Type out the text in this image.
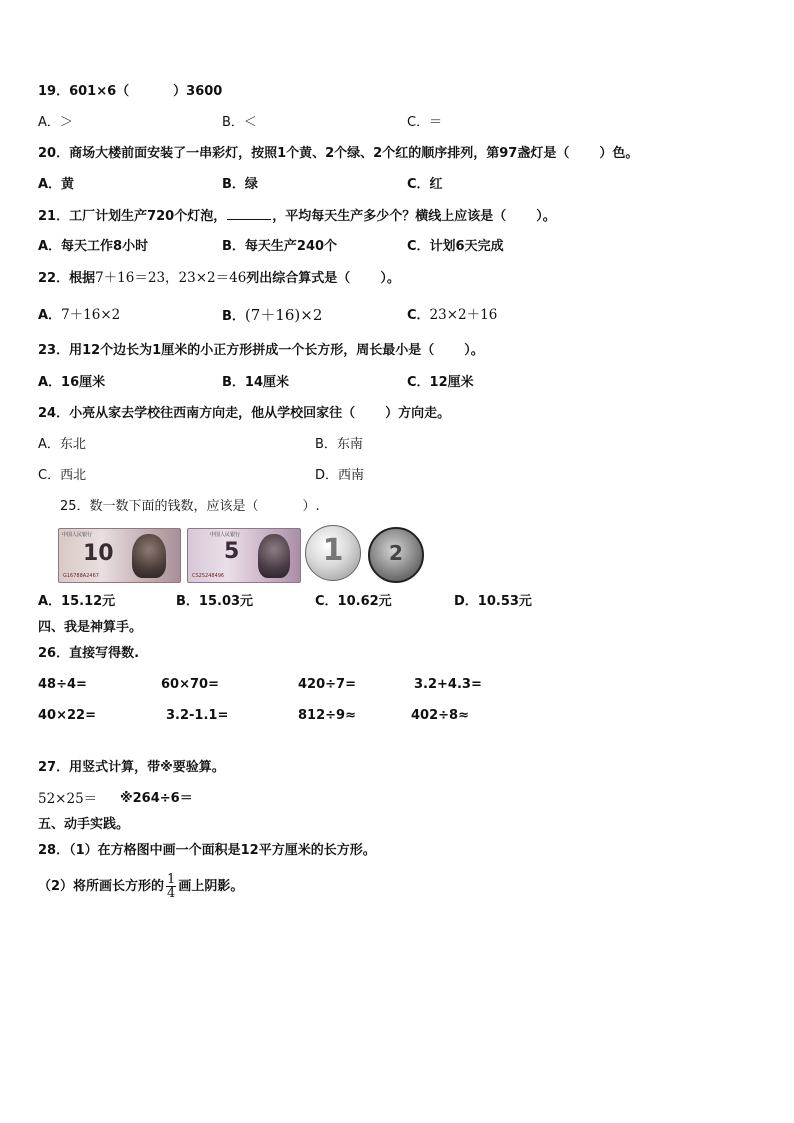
19．601×6（	）3600
A．＞	B．＜	C．＝
20．商场大楼前面安装了一串彩灯，按照1个黄、2个绿、2个红的顺序排列，第97盏灯是（ ）色。
A．黄	B．绿	C．红
21．工厂计划生产720个灯泡，	，平均每天生产多少个？横线上应该是（ ）。
A．每天工作8小时	B．每天生产240个	C．计划6天完成
22．根据7＋16＝23，23×2＝46列出综合算式是（ ）。
A．7＋16×2	B．(7＋16)×2	C．23×2＋16
23．用12个边长为1厘米的小正方形拼成一个长方形，周长最小是（ ）。
A．16厘米	B．14厘米	C．12厘米
24．小亮从家去学校往西南方向走，他从学校回家往（ ）方向走。
A．东北	B．东南
C．西北	D．西南
25．数一数下面的钱数，应该是（	）.
中国人民银行
10
G16788A2467
中国人民银行
5
CS25248496
1	2
A．15.12元	B．15.03元	C．10.62元	D．10.53元
四、我是神算手。
26．直接写得数.
48÷4=	60×70=	420÷7=	3.2+4.3=
40×22=	3.2-1.1=	812÷9≈	402÷8≈
27．用竖式计算，带※要验算。
52×25＝ ※264÷6＝
五、动手实践。
28．（1）在方格图中画一个面积是12平方厘米的长方形。
（2）将所画长方形的 $\frac{1}{4}$ 画上阴影。
